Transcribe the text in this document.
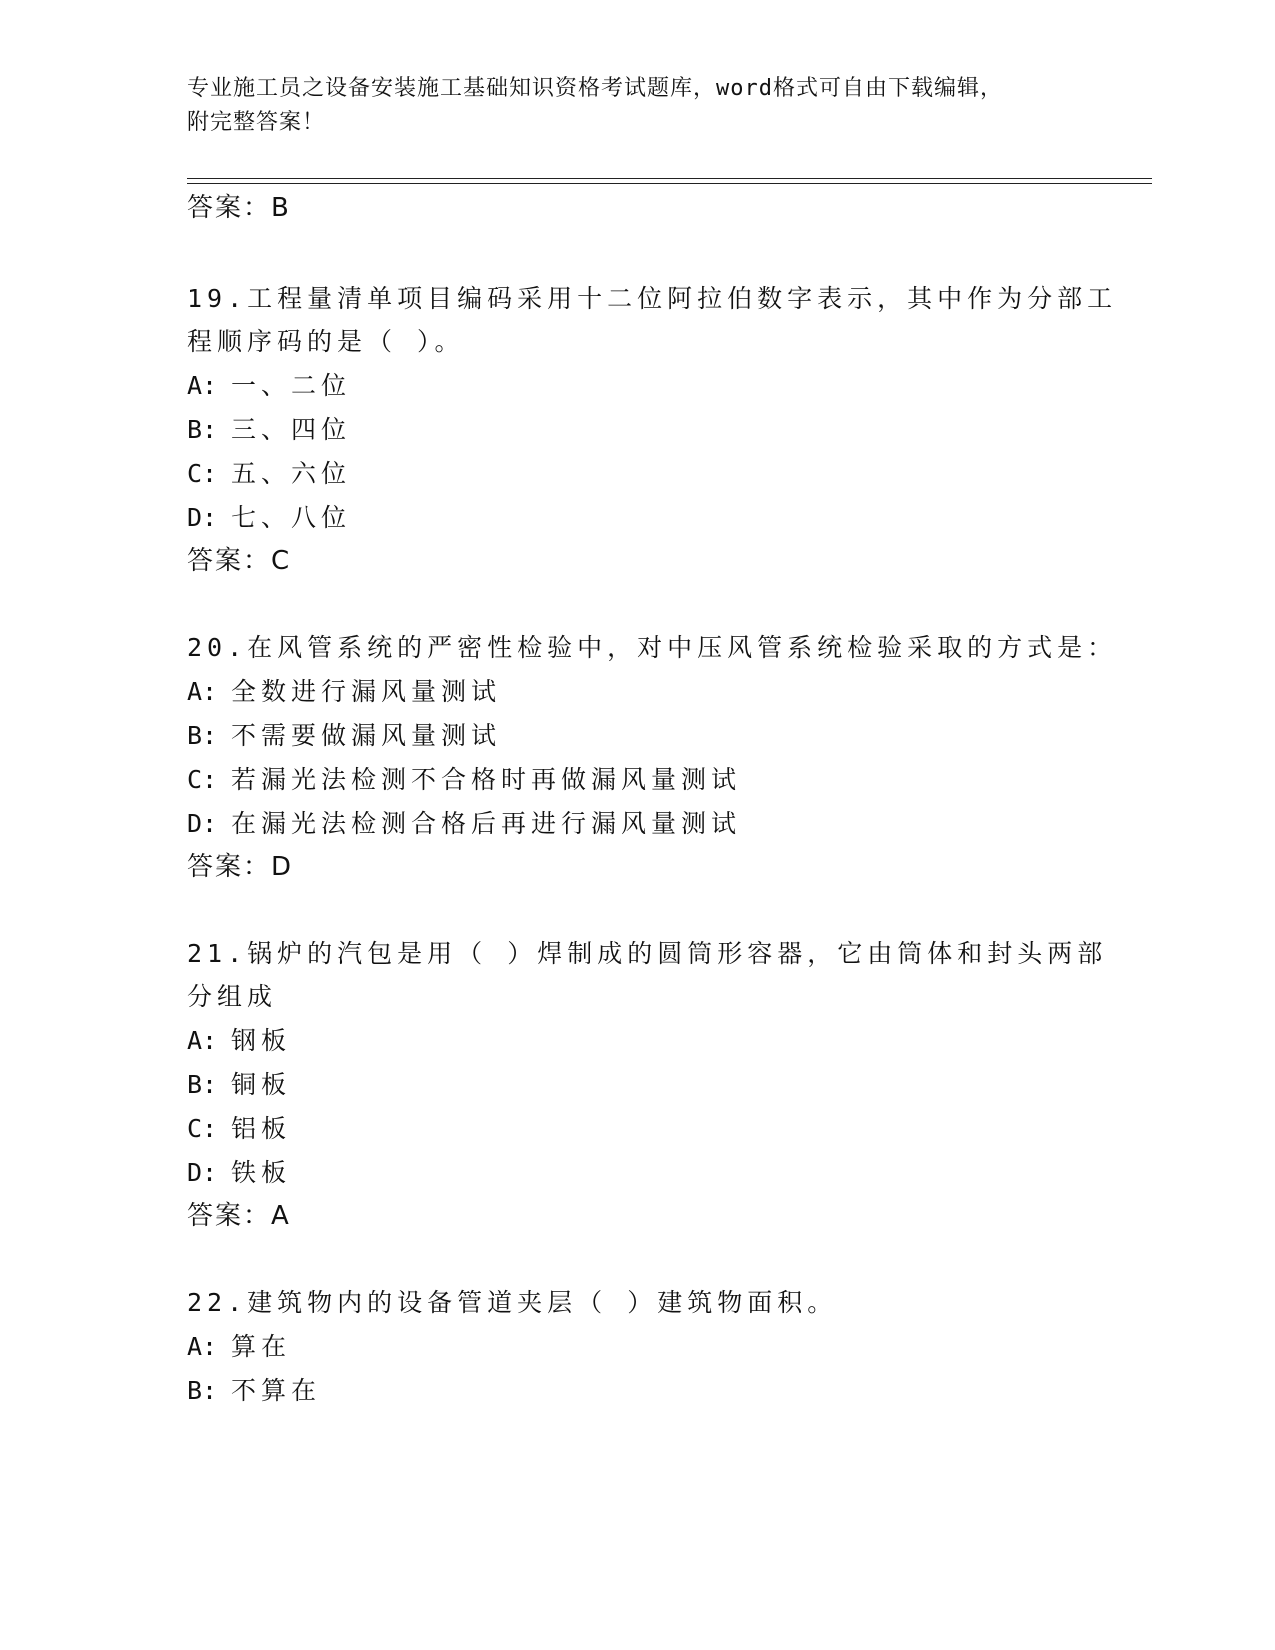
专业施工员之设备安装施工基础知识资格考试题库，word格式可自由下载编辑，
附完整答案！
答案：B
19.工程量清单项目编码采用十二位阿拉伯数字表示，其中作为分部工
程顺序码的是（ ）。
A: 一、二位
B: 三、四位
C: 五、六位
D: 七、八位
答案：C
20.在风管系统的严密性检验中，对中压风管系统检验采取的方式是：
A: 全数进行漏风量测试
B: 不需要做漏风量测试
C: 若漏光法检测不合格时再做漏风量测试
D: 在漏光法检测合格后再进行漏风量测试
答案：D
21.锅炉的汽包是用（ ）焊制成的圆筒形容器，它由筒体和封头两部
分组成
A: 钢板
B: 铜板
C: 铝板
D: 铁板
答案：A
22.建筑物内的设备管道夹层（ ）建筑物面积。
A: 算在
B: 不算在
